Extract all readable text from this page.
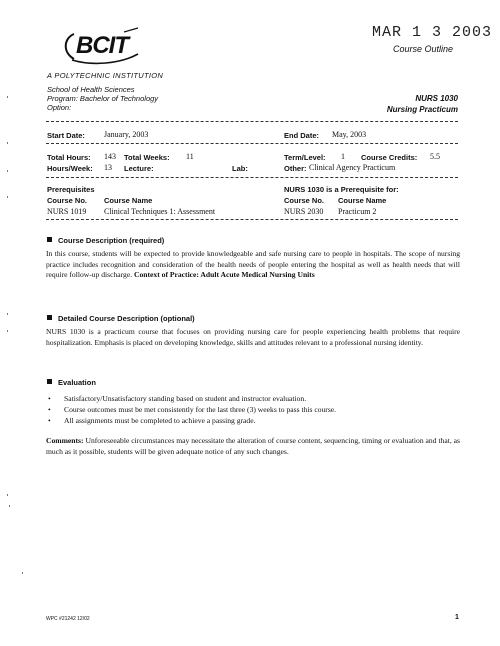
MAR 1 3 2003
Course Outline
BCIT
A POLYTECHNIC INSTITUTION
School of Health Sciences
Program: Bachelor of Technology
Option:
NURS 1030
Nursing Practicum
Start Date: January, 2003	End Date: May, 2003
Total Hours: 143 Total Weeks: 11	Term/Level: 1 Course Credits: 5.5
Hours/Week: 13 Lecture:	Lab:	Other: Clinical Agency Practicum
Prerequisites
Course No. Course Name
NURS 1019 Clinical Techniques 1: Assessment
NURS 1030 is a Prerequisite for:
Course No. Course Name
NURS 2030 Practicum 2
Course Description (required)
In this course, students will be expected to provide knowledgeable and safe nursing care to people in hospitals. The scope of nursing practice includes recognition and consideration of the health needs of people entering the hospital as well as health needs that will require follow-up discharge. Context of Practice: Adult Acute Medical Nursing Units
Detailed Course Description (optional)
NURS 1030 is a practicum course that focuses on providing nursing care for people experiencing health problems that require hospitalization. Emphasis is placed on developing knowledge, skills and attitudes relevant to a professional nursing identity.
Evaluation
• Satisfactory/Unsatisfactory standing based on student and instructor evaluation.
• Course outcomes must be met consistently for the last three (3) weeks to pass this course.
• All assignments must be completed to achieve a passing grade.
Comments: Unforeseeable circumstances may necessitate the alteration of course content, sequencing, timing or evaluation and that, as much as it possible, students will be given adequate notice of any such changes.
WPC #21242 12/02	1
